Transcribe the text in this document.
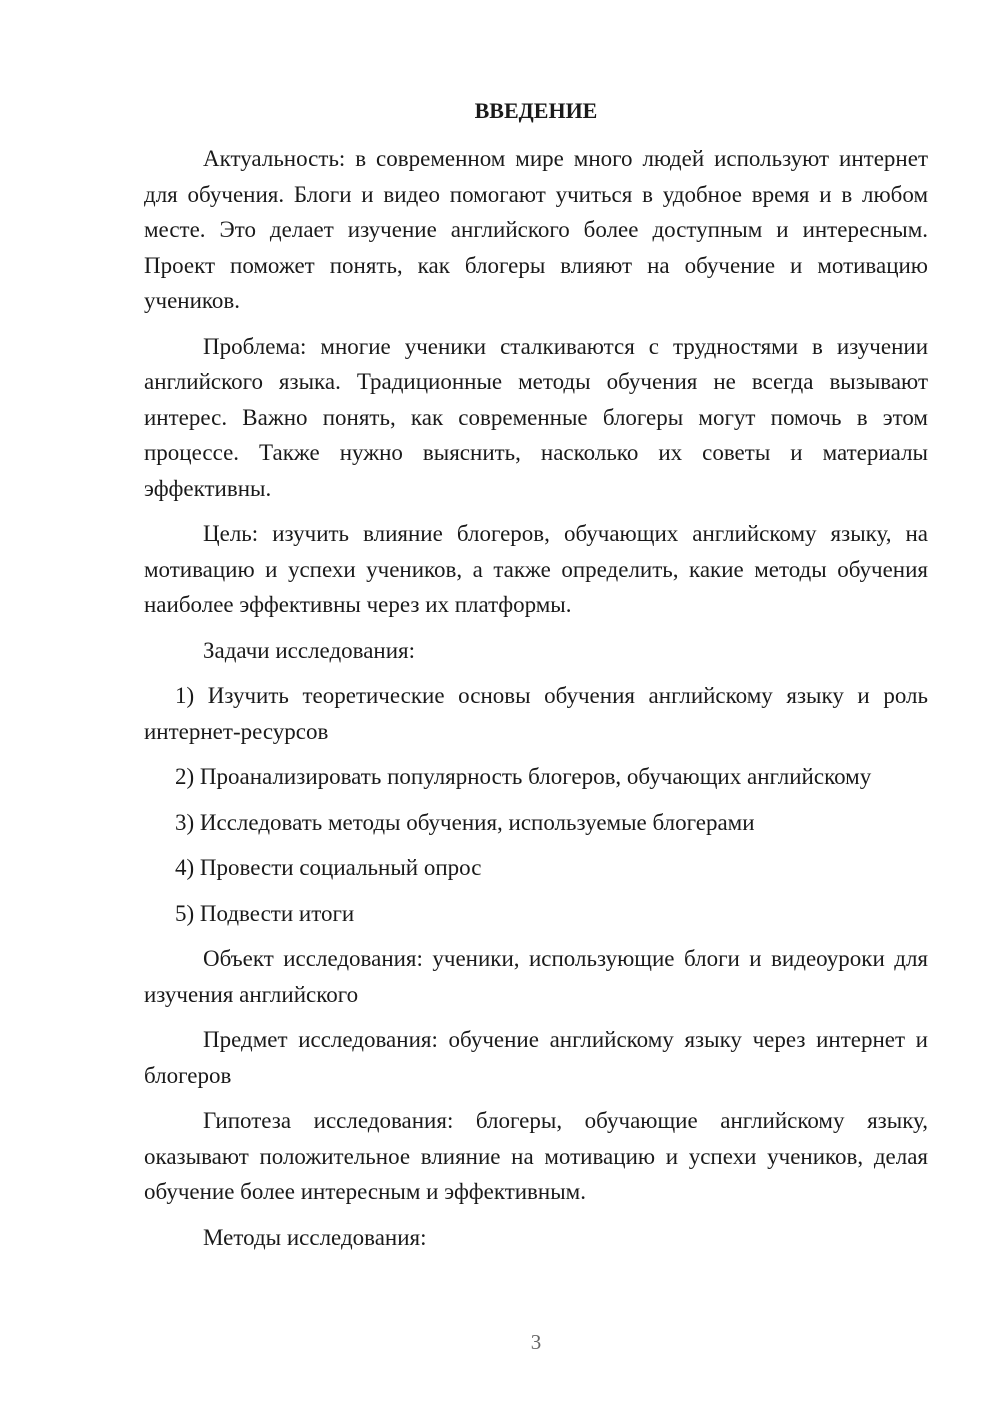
ВВЕДЕНИЕ

Актуальность: в современном мире много людей используют интернет для обучения. Блоги и видео помогают учиться в удобное время и в любом месте. Это делает изучение английского более доступным и интересным. Проект поможет понять, как блогеры влияют на обучение и мотивацию учеников.

Проблема: многие ученики сталкиваются с трудностями в изучении английского языка. Традиционные методы обучения не всегда вызывают интерес. Важно понять, как современные блогеры могут помочь в этом процессе. Также нужно выяснить, насколько их советы и материалы эффективны.

Цель: изучить влияние блогеров, обучающих английскому языку, на мотивацию и успехи учеников, а также определить, какие методы обучения наиболее эффективны через их платформы.

Задачи исследования:

1) Изучить теоретические основы обучения английскому языку и роль интернет-ресурсов

2) Проанализировать популярность блогеров, обучающих английскому

3) Исследовать методы обучения, используемые блогерами

4) Провести социальный опрос

5) Подвести итоги

Объект исследования: ученики, использующие блоги и видеоуроки для изучения английского

Предмет исследования: обучение английскому языку через интернет и блогеров

Гипотеза исследования: блогеры, обучающие английскому языку, оказывают положительное влияние на мотивацию и успехи учеников, делая обучение более интересным и эффективным.

Методы исследования:

3
